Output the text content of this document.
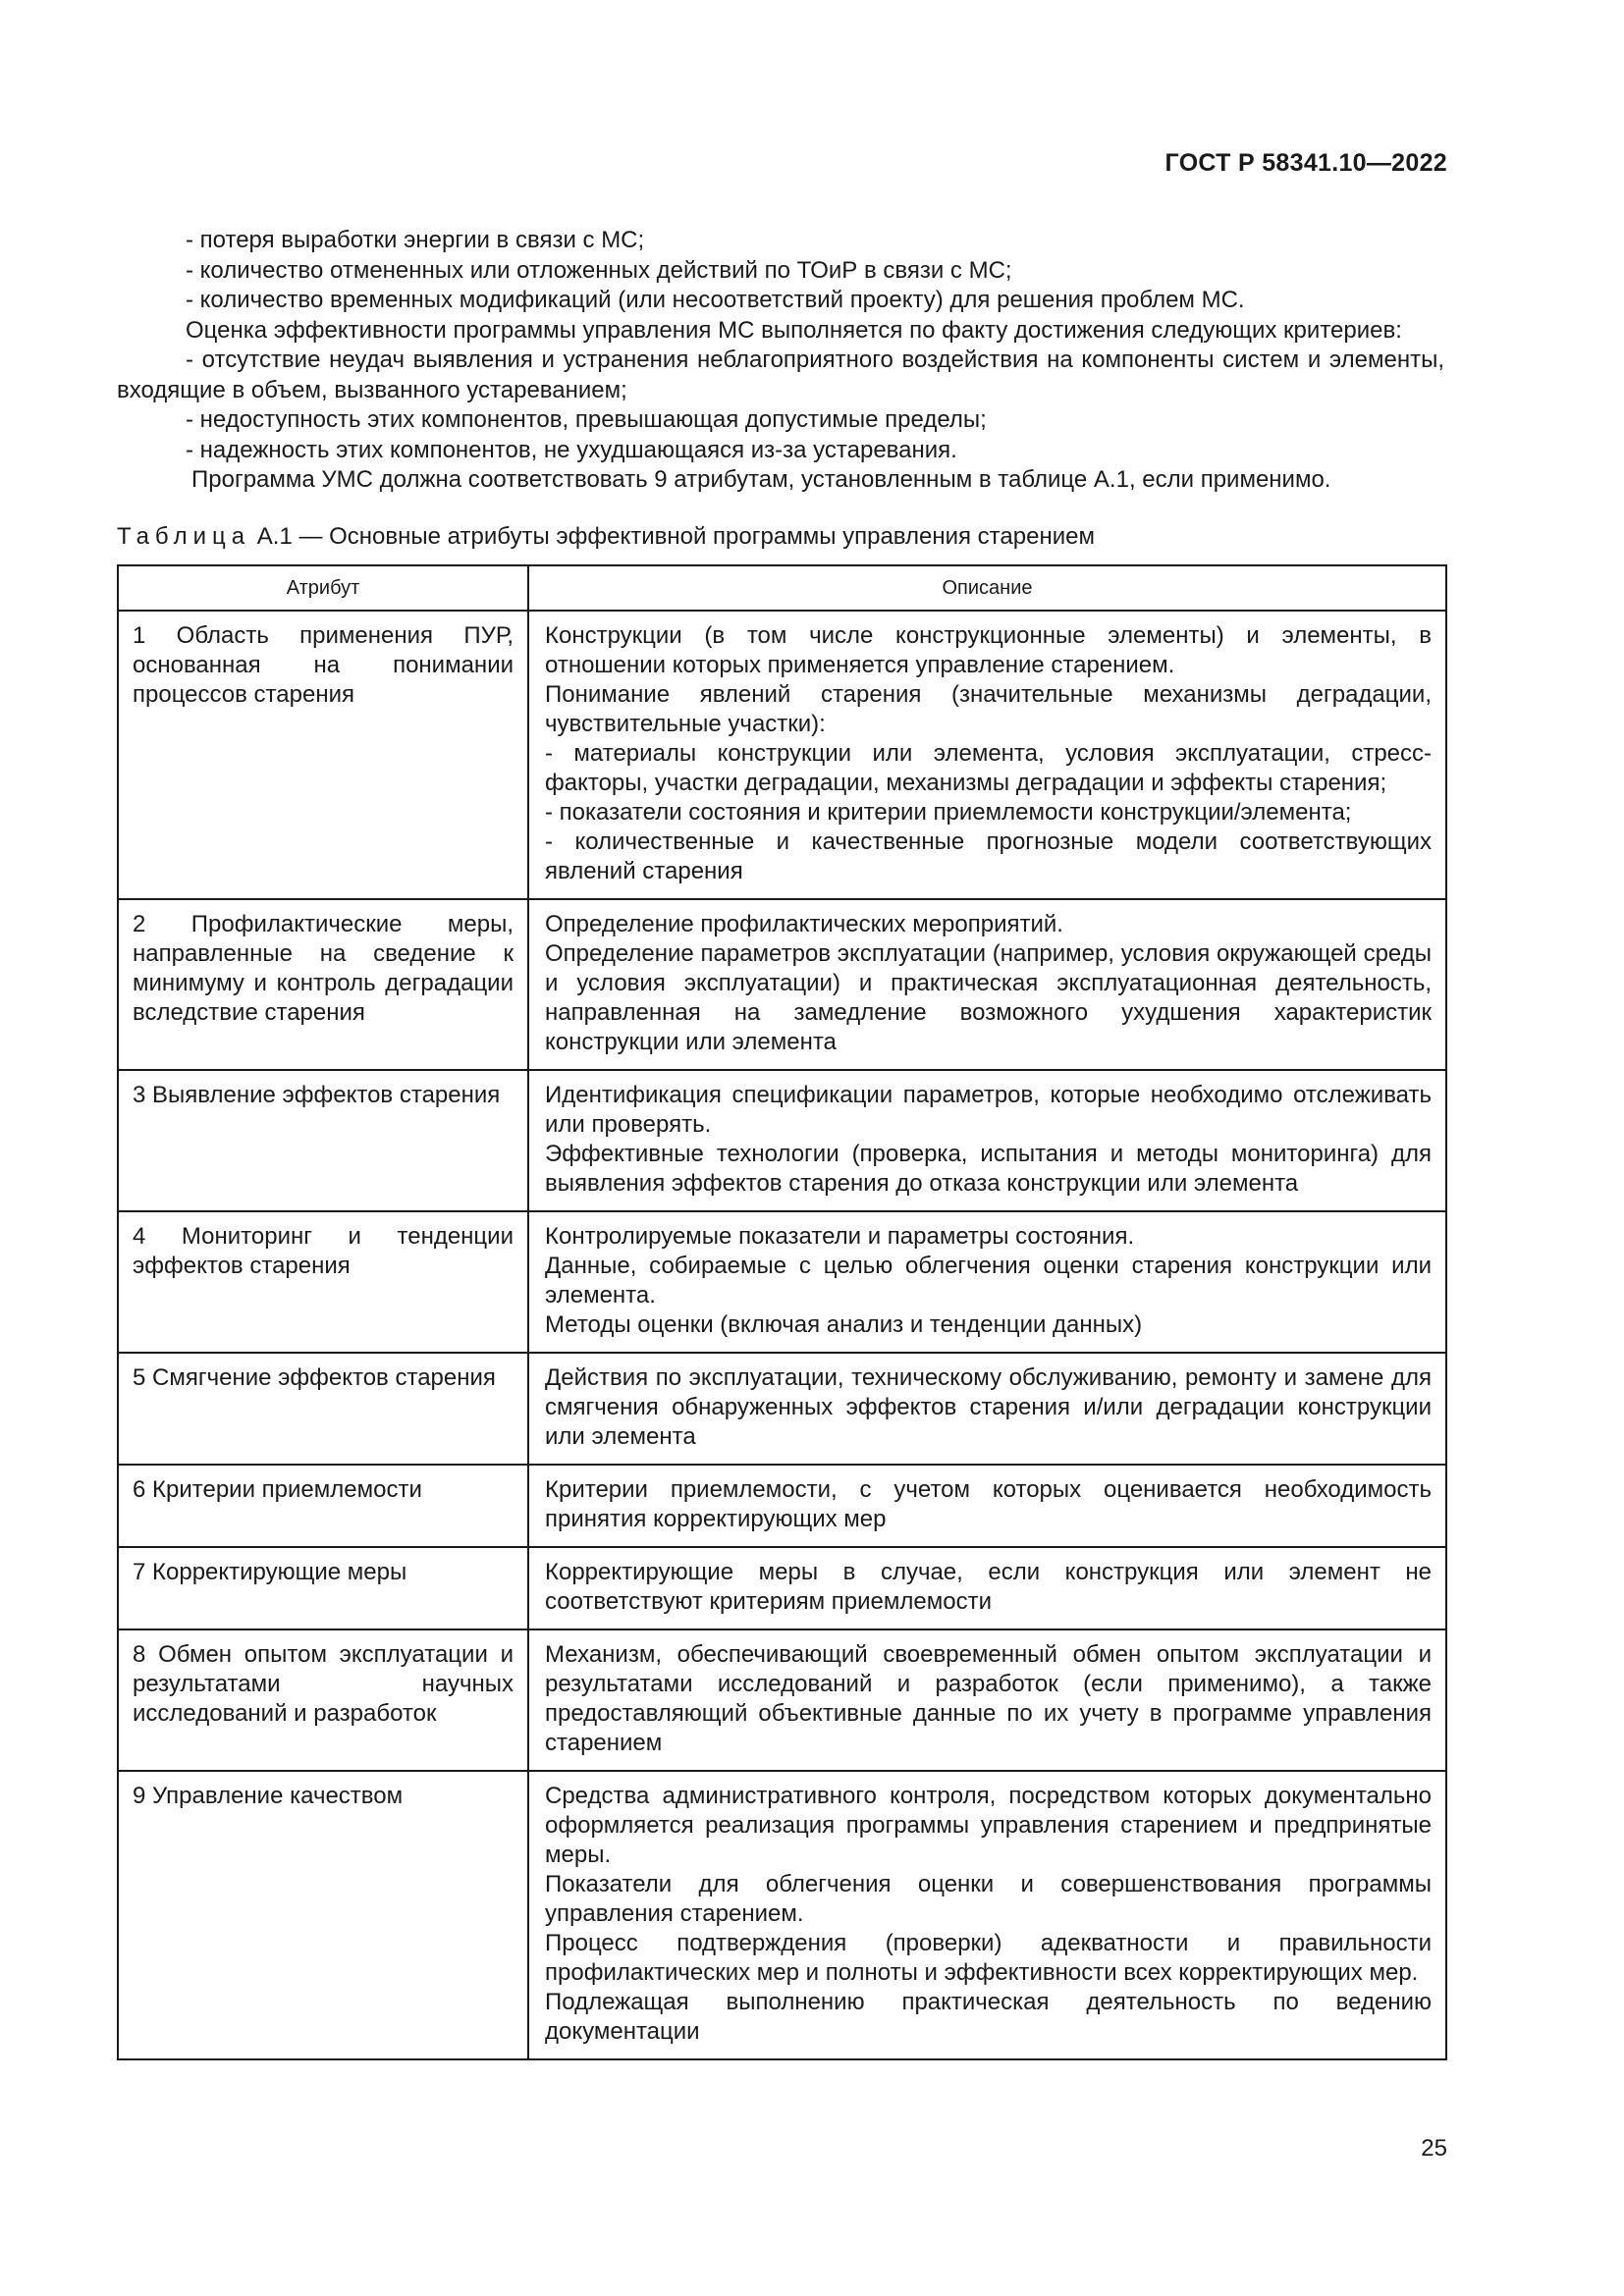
ГОСТ Р 58341.10—2022

- потеря выработки энергии в связи с МС;

- количество отмененных или отложенных действий по ТОиР в связи с МС;

- количество временных модификаций (или несоответствий проекту) для решения проблем МС.

Оценка эффективности программы управления МС выполняется по факту достижения следующих критериев:

- отсутствие неудач выявления и устранения неблагоприятного воздействия на компоненты систем и элементы, входящие в объем, вызванного устареванием;

- недоступность этих компонентов, превышающая допустимые пределы;

- надежность этих компонентов, не ухудшающаяся из-за устаревания.

Программа УМС должна соответствовать 9 атрибутам, установленным в таблице А.1, если применимо.

Таблица А.1 — Основные атрибуты эффективной программы управления старением
Атрибут	Описание
1 Область применения ПУР, основанная на понимании процессов старения	Конструкции (в том числе конструкционные элементы) и элементы, в отношении которых применяется управление старением.
Понимание явлений старения (значительные механизмы деградации, чувствительные участки):
- материалы конструкции или элемента, условия эксплуатации, стресс-факторы, участки деградации, механизмы деградации и эффекты старения;
- показатели состояния и критерии приемлемости конструкции/элемента;
- количественные и качественные прогнозные модели соответствующих явлений старения

2 Профилактические меры, направленные на сведение к минимуму и контроль деградации вследствие старения	Определение профилактических мероприятий.
Определение параметров эксплуатации (например, условия окружающей среды и условия эксплуатации) и практическая эксплуатационная деятельность, направленная на замедление возможного ухудшения характеристик конструкции или элемента

3 Выявление эффектов старения	Идентификация спецификации параметров, которые необходимо отслеживать или проверять.
Эффективные технологии (проверка, испытания и методы мониторинга) для выявления эффектов старения до отказа конструкции или элемента

4 Мониторинг и тенденции эффектов старения	Контролируемые показатели и параметры состояния.
Данные, собираемые с целью облегчения оценки старения конструкции или элемента.
Методы оценки (включая анализ и тенденции данных)

5 Смягчение эффектов старения	Действия по эксплуатации, техническому обслуживанию, ремонту и замене для смягчения обнаруженных эффектов старения и/или деградации конструкции или элемента

6 Критерии приемлемости	Критерии приемлемости, с учетом которых оценивается необходимость принятия корректирующих мер

7 Корректирующие меры	Корректирующие меры в случае, если конструкция или элемент не соответствуют критериям приемлемости

8 Обмен опытом эксплуатации и результатами научных исследований и разработок	Механизм, обеспечивающий своевременный обмен опытом эксплуатации и результатами исследований и разработок (если применимо), а также предоставляющий объективные данные по их учету в программе управления старением

9 Управление качеством	Средства административного контроля, посредством которых документально оформляется реализация программы управления старением и предпринятые меры.
Показатели для облегчения оценки и совершенствования программы управления старением.
Процесс подтверждения (проверки) адекватности и правильности профилактических мер и полноты и эффективности всех корректирующих мер.
Подлежащая выполнению практическая деятельность по ведению документации
25
